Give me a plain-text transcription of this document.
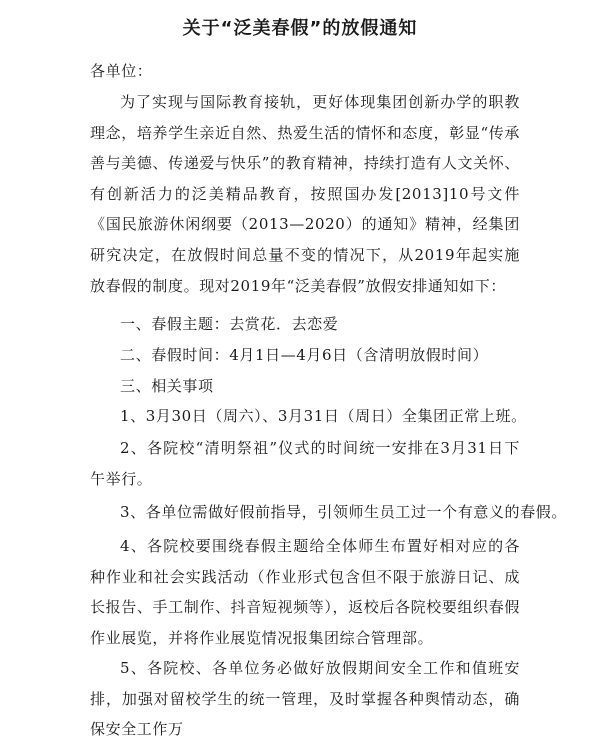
关于“泛美春假”的放假通知

各单位：

为了实现与国际教育接轨，更好体现集团创新办学的职教理念，培养学生亲近自然、热爱生活的情怀和态度，彰显“传承善与美德、传递爱与快乐”的教育精神，持续打造有人文关怀、有创新活力的泛美精品教育，按照国办发[2013]10号文件《国民旅游休闲纲要（2013—2020）的通知》精神，经集团研究决定，在放假时间总量不变的情况下，从2019年起实施放春假的制度。现对2019年“泛美春假”放假安排通知如下：

一、春假主题：去赏花．去恋爱

二、春假时间：4月1日—4月6日（含清明放假时间）

三、相关事项

1、3月30日（周六）、3月31日（周日）全集团正常上班。

2、各院校“清明祭祖”仪式的时间统一安排在3月31日下午举行。

3、各单位需做好假前指导，引领师生员工过一个有意义的春假。

4、各院校要围绕春假主题给全体师生布置好相对应的各种作业和社会实践活动（作业形式包含但不限于旅游日记、成长报告、手工制作、抖音短视频等），返校后各院校要组织春假作业展览，并将作业展览情况报集团综合管理部。

5、各院校、各单位务必做好放假期间安全工作和值班安排，加强对留校学生的统一管理，及时掌握各种舆情动态，确保安全工作万
